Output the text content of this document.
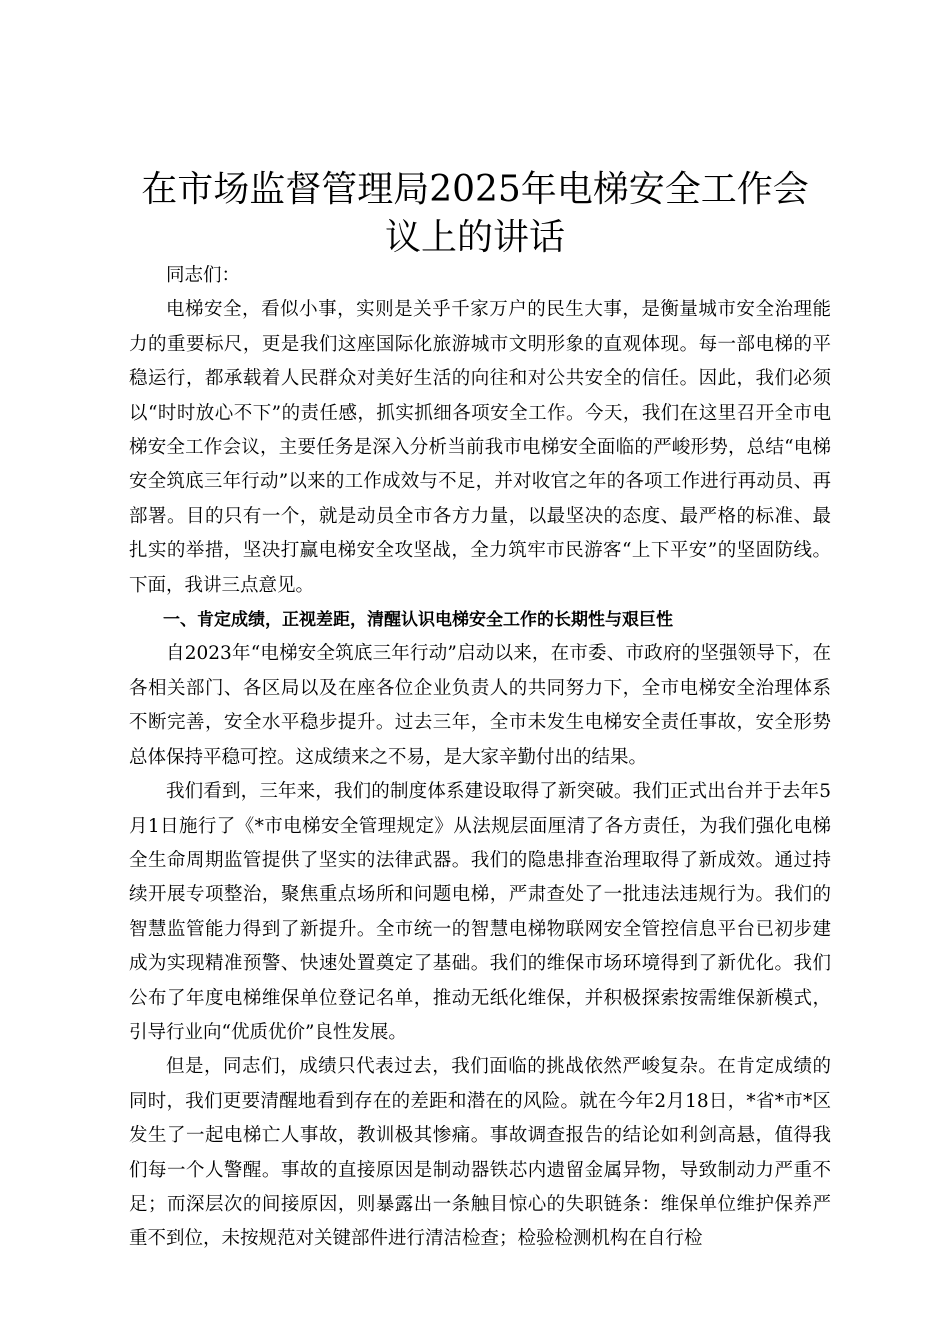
在市场监督管理局2025年电梯安全工作会议上的讲话

同志们：

电梯安全，看似小事，实则是关乎千家万户的民生大事，是衡量城市安全治理能力的重要标尺，更是我们这座国际化旅游城市文明形象的直观体现。每一部电梯的平稳运行，都承载着人民群众对美好生活的向往和对公共安全的信任。因此，我们必须以“时时放心不下”的责任感，抓实抓细各项安全工作。今天，我们在这里召开全市电梯安全工作会议，主要任务是深入分析当前我市电梯安全面临的严峻形势，总结“电梯安全筑底三年行动”以来的工作成效与不足，并对收官之年的各项工作进行再动员、再部署。目的只有一个，就是动员全市各方力量，以最坚决的态度、最严格的标准、最扎实的举措，坚决打赢电梯安全攻坚战，全力筑牢市民游客“上下平安”的坚固防线。下面，我讲三点意见。

一、肯定成绩，正视差距，清醒认识电梯安全工作的长期性与艰巨性

自2023年“电梯安全筑底三年行动”启动以来，在市委、市政府的坚强领导下，在各相关部门、各区局以及在座各位企业负责人的共同努力下，全市电梯安全治理体系不断完善，安全水平稳步提升。过去三年，全市未发生电梯安全责任事故，安全形势总体保持平稳可控。这成绩来之不易，是大家辛勤付出的结果。

我们看到，三年来，我们的制度体系建设取得了新突破。我们正式出台并于去年5月1日施行了《*市电梯安全管理规定》从法规层面厘清了各方责任，为我们强化电梯全生命周期监管提供了坚实的法律武器。我们的隐患排查治理取得了新成效。通过持续开展专项整治，聚焦重点场所和问题电梯，严肃查处了一批违法违规行为。我们的智慧监管能力得到了新提升。全市统一的智慧电梯物联网安全管控信息平台已初步建成为实现精准预警、快速处置奠定了基础。我们的维保市场环境得到了新优化。我们公布了年度电梯维保单位登记名单，推动无纸化维保，并积极探索按需维保新模式，引导行业向“优质优价”良性发展。

但是，同志们，成绩只代表过去，我们面临的挑战依然严峻复杂。在肯定成绩的同时，我们更要清醒地看到存在的差距和潜在的风险。就在今年2月18日，*省*市*区发生了一起电梯亡人事故，教训极其惨痛。事故调查报告的结论如利剑高悬，值得我们每一个人警醒。事故的直接原因是制动器铁芯内遗留金属异物，导致制动力严重不足；而深层次的间接原因，则暴露出一条触目惊心的失职链条：维保单位维护保养严重不到位，未按规范对关键部件进行清洁检查；检验检测机构在自行检
